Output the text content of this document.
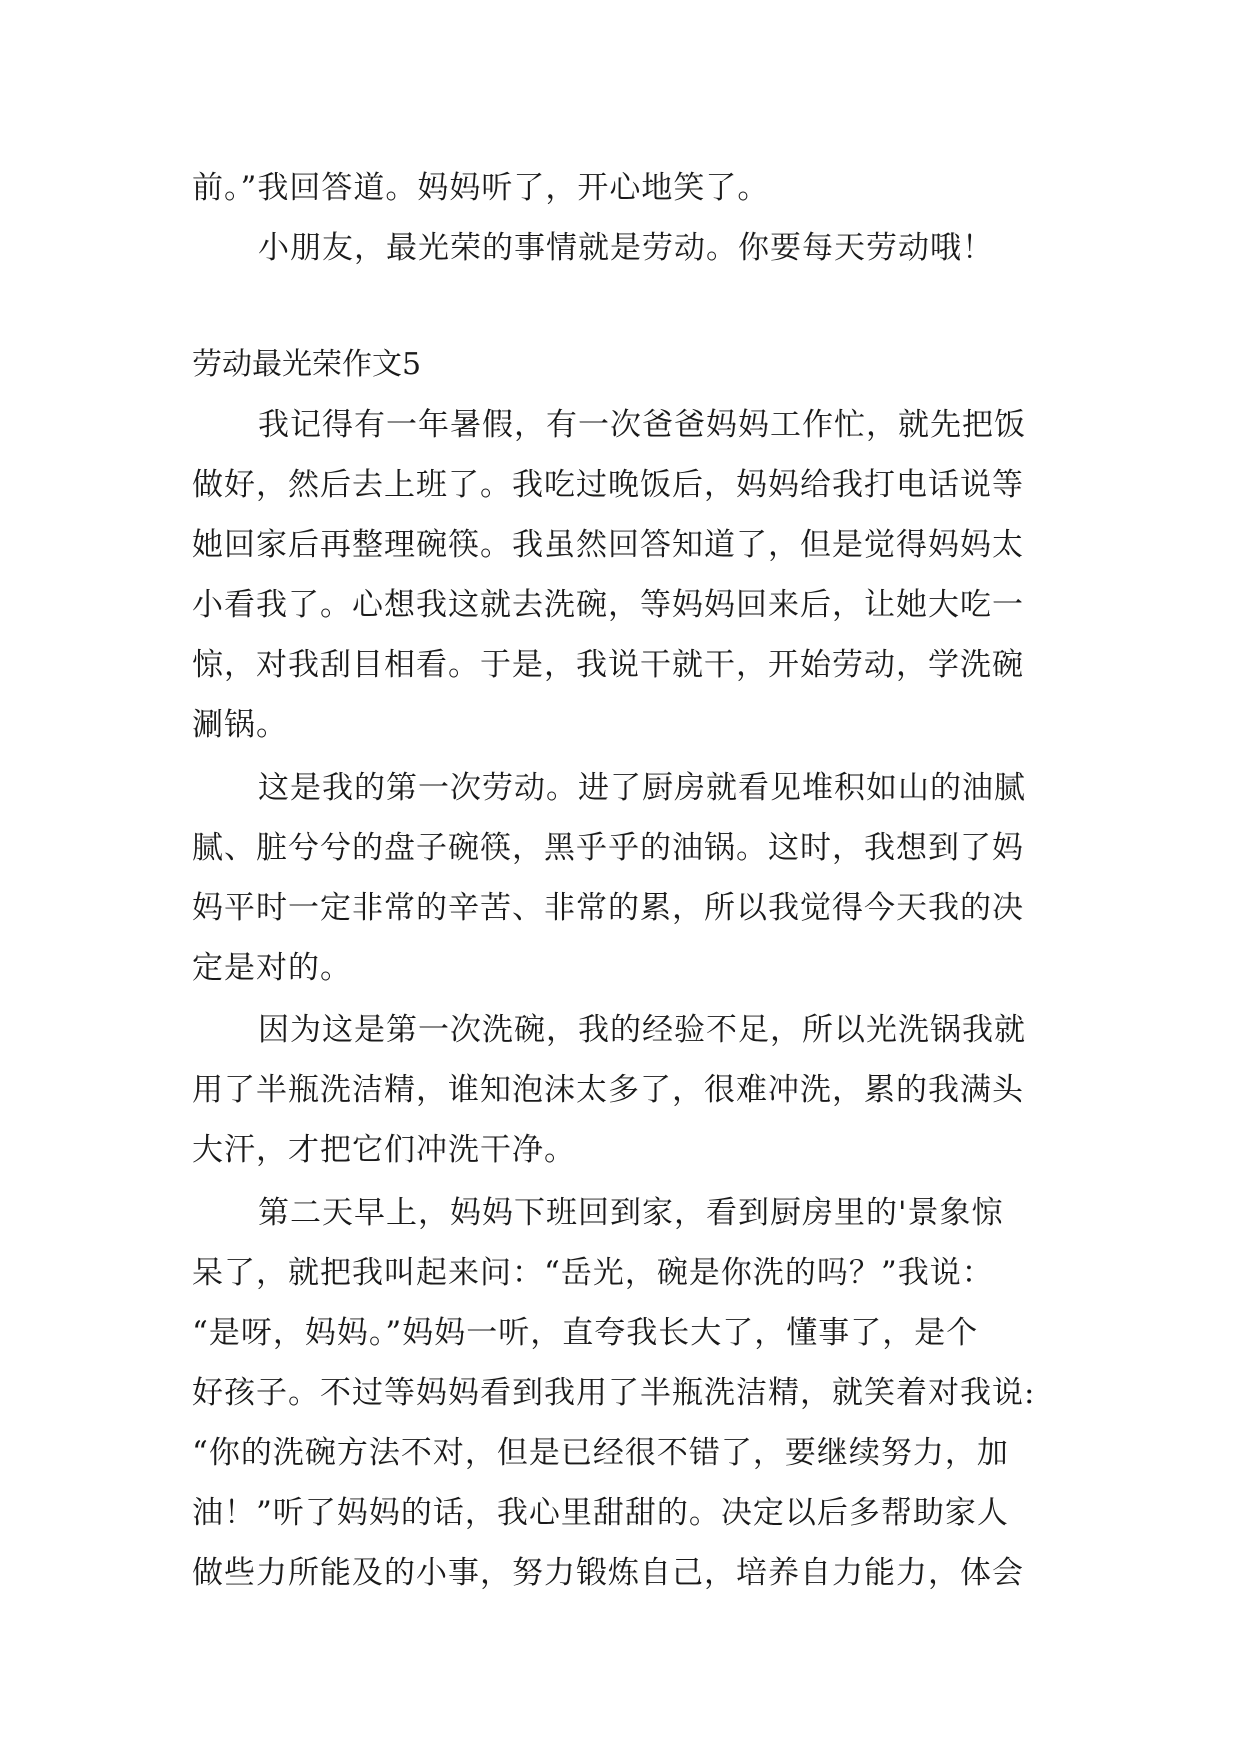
前。”我回答道。妈妈听了，开心地笑了。
小朋友，最光荣的事情就是劳动。你要每天劳动哦！
劳动最光荣作文5
我记得有一年暑假，有一次爸爸妈妈工作忙，就先把饭
做好，然后去上班了。我吃过晚饭后，妈妈给我打电话说等
她回家后再整理碗筷。我虽然回答知道了，但是觉得妈妈太
小看我了。心想我这就去洗碗，等妈妈回来后，让她大吃一
惊，对我刮目相看。于是，我说干就干，开始劳动，学洗碗
涮锅。
这是我的第一次劳动。进了厨房就看见堆积如山的油腻
腻、脏兮兮的盘子碗筷，黑乎乎的油锅。这时，我想到了妈
妈平时一定非常的辛苦、非常的累，所以我觉得今天我的决
定是对的。
因为这是第一次洗碗，我的经验不足，所以光洗锅我就
用了半瓶洗洁精，谁知泡沫太多了，很难冲洗，累的我满头
大汗，才把它们冲洗干净。
第二天早上，妈妈下班回到家，看到厨房里的'景象惊
呆了，就把我叫起来问：“岳光，碗是你洗的吗？”我说：
“是呀，妈妈。”妈妈一听，直夸我长大了，懂事了，是个
好孩子。不过等妈妈看到我用了半瓶洗洁精，就笑着对我说:
“你的洗碗方法不对，但是已经很不错了，要继续努力，加
油！”听了妈妈的话，我心里甜甜的。决定以后多帮助家人
做些力所能及的小事，努力锻炼自己，培养自力能力，体会
